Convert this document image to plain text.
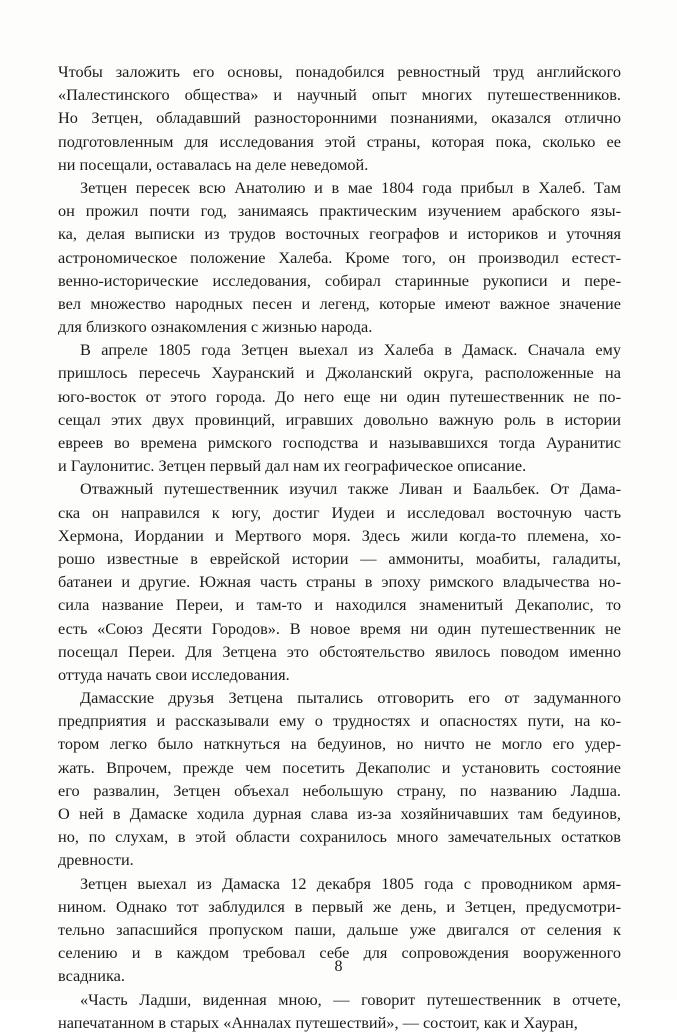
Чтобы заложить его основы, понадобился ревностный труд английского
«Палестинского общества» и научный опыт многих путешественников.
Но Зетцен, обладавший разносторонними познаниями, оказался отлично
подготовленным для исследования этой страны, которая пока, сколько ее
ни посещали, оставалась на деле неведомой.
Зетцен пересек всю Анатолию и в мае 1804 года прибыл в Халеб. Там
он прожил почти год, занимаясь практическим изучением арабского язы-
ка, делая выписки из трудов восточных географов и историков и уточняя
астрономическое положение Халеба. Кроме того, он производил естест-
венно-исторические исследования, собирал старинные рукописи и пере-
вел множество народных песен и легенд, которые имеют важное значение
для близкого ознакомления с жизнью народа.
В апреле 1805 года Зетцен выехал из Халеба в Дамаск. Сначала ему
пришлось пересечь Хауранский и Джоланский округа, расположенные на
юго-восток от этого города. До него еще ни один путешественник не по-
сещал этих двух провинций, игравших довольно важную роль в истории
евреев во времена римского господства и называвшихся тогда Ауранитис
и Гаулонитис. Зетцен первый дал нам их географическое описание.
Отважный путешественник изучил также Ливан и Баальбек. От Дама-
ска он направился к югу, достиг Иудеи и исследовал восточную часть
Хермона, Иордании и Мертвого моря. Здесь жили когда-то племена, хо-
рошо известные в еврейской истории — аммониты, моабиты, галадиты,
батанеи и другие. Южная часть страны в эпоху римского владычества но-
сила название Переи, и там-то и находился знаменитый Декаполис, то
есть «Союз Десяти Городов». В новое время ни один путешественник не
посещал Переи. Для Зетцена это обстоятельство явилось поводом именно
оттуда начать свои исследования.
Дамасские друзья Зетцена пытались отговорить его от задуманного
предприятия и рассказывали ему о трудностях и опасностях пути, на ко-
тором легко было наткнуться на бедуинов, но ничто не могло его удер-
жать. Впрочем, прежде чем посетить Декаполис и установить состояние
его развалин, Зетцен объехал небольшую страну, по названию Ладша.
О ней в Дамаске ходила дурная слава из-за хозяйничавших там бедуинов,
но, по слухам, в этой области сохранилось много замечательных остатков
древности.
Зетцен выехал из Дамаска 12 декабря 1805 года с проводником армя-
нином. Однако тот заблудился в первый же день, и Зетцен, предусмотри-
тельно запасшийся пропуском паши, дальше уже двигался от селения к
селению и в каждом требовал себе для сопровождения вооруженного
всадника.
«Часть Ладши, виденная мною, — говорит путешественник в отчете,
напечатанном в старых «Анналах путешествий», — состоит, как и Хауран,
8
